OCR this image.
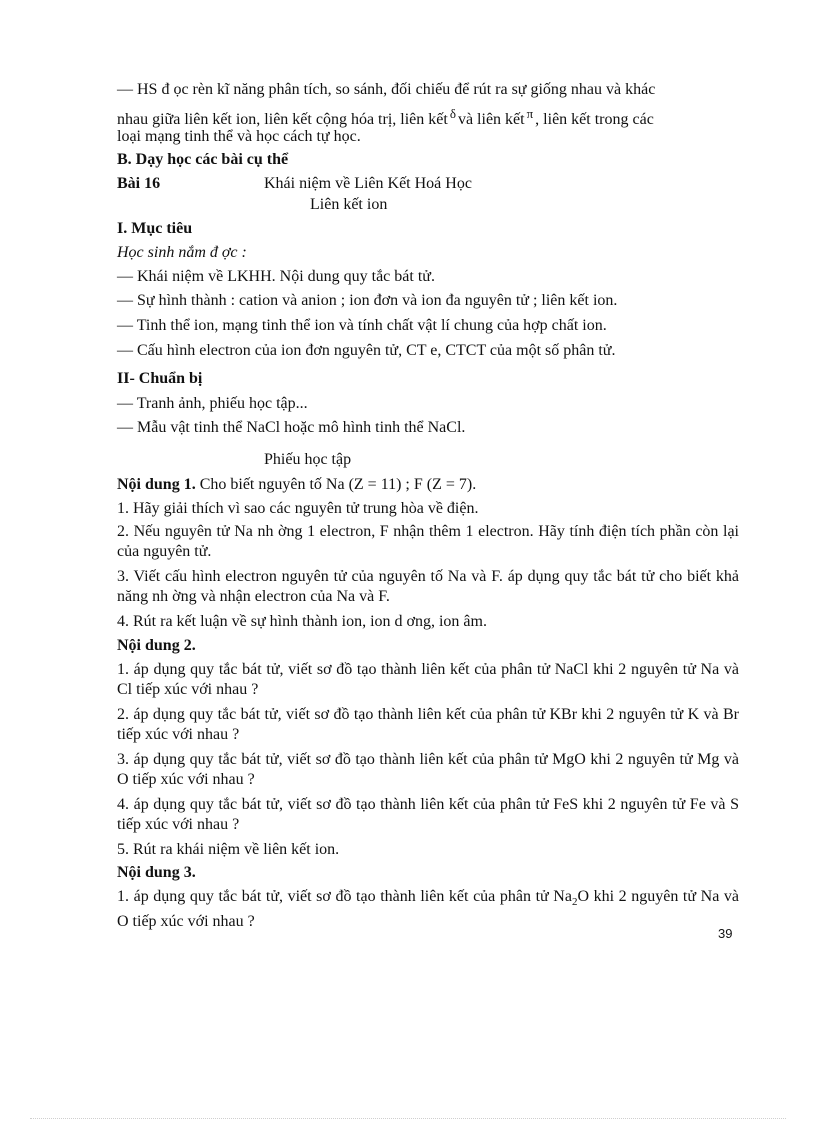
— HS đ ọc rèn kĩ năng phân tích, so sánh, đối chiếu để rút ra sự giống nhau và khác
nhau giữa liên kết ion, liên kết cộng hóa trị, liên kết $^\delta$ và liên kết $^\pi$ , liên kết trong các
loại mạng tinh thể và học cách tự học.
B. Dạy học các bài cụ thể
Bài 16	Khái niệm về Liên Kết Hoá Học
Liên kết ion
I. Mục tiêu
Học sinh nắm đ ợc :
— Khái niệm về LKHH. Nội dung quy tắc bát tử.
— Sự hình thành : cation và anion ; ion đơn và ion đa nguyên tử ; liên kết ion.
— Tinh thể ion, mạng tinh thể ion và tính chất vật lí chung của hợp chất ion.
— Cấu hình electron của ion đơn nguyên tử, CT e, CTCT của một số phân tử.
II- Chuẩn bị
— Tranh ảnh, phiếu học tập...
— Mẫu vật tinh thể NaCl hoặc mô hình tinh thể NaCl.
Phiếu học tập
Nội dung 1. Cho biết nguyên tố Na (Z = 11) ; F (Z = 7).
1. Hãy giải thích vì sao các nguyên tử trung hòa về điện.
2. Nếu nguyên tử Na nh ờng 1 electron, F nhận thêm 1 electron. Hãy tính điện tích phần còn lại của nguyên tử.
3. Viết cấu hình electron nguyên tử của nguyên tố Na và F. áp dụng quy tắc bát tử cho biết khả năng nh ờng và nhận electron của Na và F.
4. Rút ra kết luận về sự hình thành ion, ion d ơng, ion âm.
Nội dung 2.
1. áp dụng quy tắc bát tử, viết sơ đồ tạo thành liên kết của phân tử NaCl khi 2 nguyên tử Na và Cl tiếp xúc với nhau ?
2. áp dụng quy tắc bát tử, viết sơ đồ tạo thành liên kết của phân tử KBr khi 2 nguyên tử K và Br tiếp xúc với nhau ?
3. áp dụng quy tắc bát tử, viết sơ đồ tạo thành liên kết của phân tử MgO khi 2 nguyên tử Mg và O tiếp xúc với nhau ?
4. áp dụng quy tắc bát tử, viết sơ đồ tạo thành liên kết của phân tử FeS khi 2 nguyên tử Fe và S tiếp xúc với nhau ?
5. Rút ra khái niệm về liên kết ion.
Nội dung 3.
1. áp dụng quy tắc bát tử, viết sơ đồ tạo thành liên kết của phân tử $Na_2O$ khi 2 nguyên tử Na và O tiếp xúc với nhau ?
39
